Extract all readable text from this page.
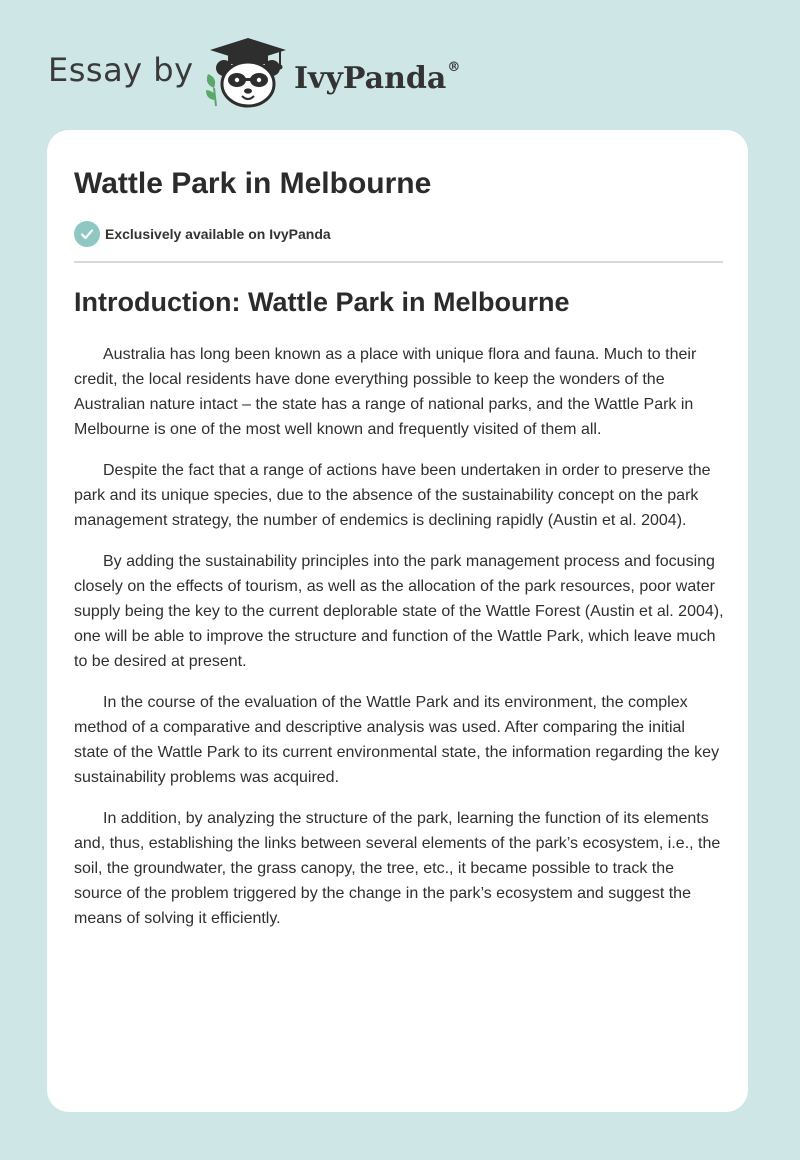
Essay by	IvyPanda®
Wattle Park in Melbourne
Exclusively available on IvyPanda
Introduction: Wattle Park in Melbourne

Australia has long been known as a place with unique flora and fauna. Much to their credit, the local residents have done everything possible to keep the wonders of the Australian nature intact – the state has a range of national parks, and the Wattle Park in Melbourne is one of the most well known and frequently visited of them all.

Despite the fact that a range of actions have been undertaken in order to preserve the park and its unique species, due to the absence of the sustainability concept on the park management strategy, the number of endemics is declining rapidly (Austin et al. 2004).

By adding the sustainability principles into the park management process and focusing closely on the effects of tourism, as well as the allocation of the park resources, poor water supply being the key to the current deplorable state of the Wattle Forest (Austin et al. 2004), one will be able to improve the structure and function of the Wattle Park, which leave much to be desired at present.

In the course of the evaluation of the Wattle Park and its environment, the complex method of a comparative and descriptive analysis was used. After comparing the initial state of the Wattle Park to its current environmental state, the information regarding the key sustainability problems was acquired.

In addition, by analyzing the structure of the park, learning the function of its elements and, thus, establishing the links between several elements of the park’s ecosystem, i.e., the soil, the groundwater, the grass canopy, the tree, etc., it became possible to track the source of the problem triggered by the change in the park’s ecosystem and suggest the means of solving it efficiently.
